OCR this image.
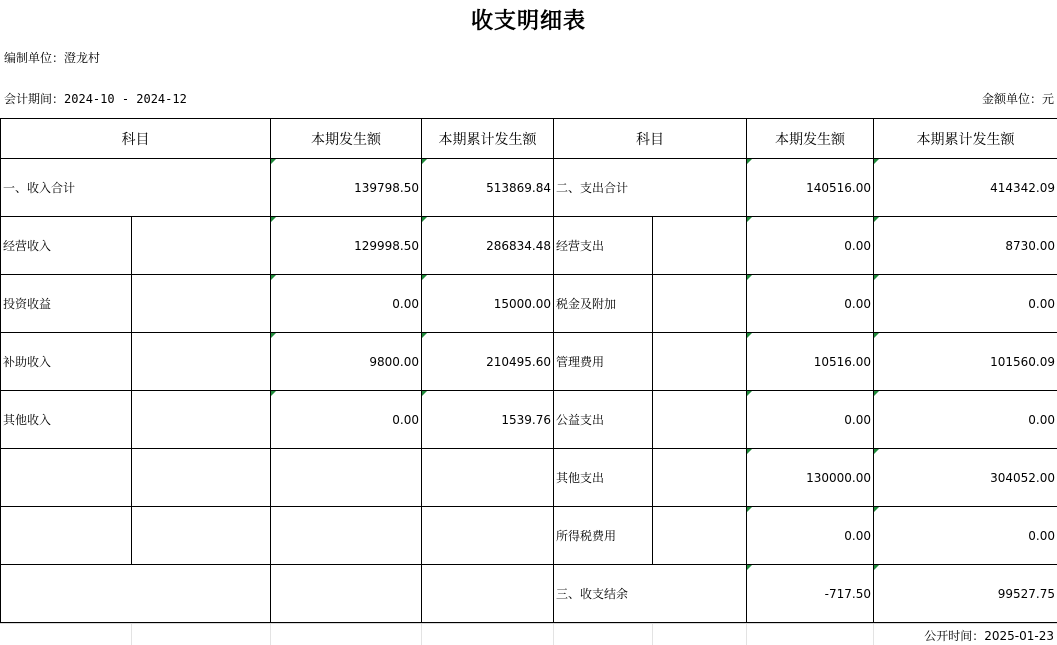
收支明细表
编制单位：澄龙村
会计期间：2024-10 - 2024-12	金额单位：元
科目		本期发生额	本期累计发生额	科目		本期发生额	本期累计发生额
一、收入合计		139798.50	513869.84	二、支出合计		140516.00	414342.09
经营收入		129998.50	286834.48	经营支出		0.00	8730.00
投资收益		0.00	15000.00	税金及附加		0.00	0.00
补助收入		9800.00	210495.60	管理费用		10516.00	101560.09
其他收入		0.00	1539.76	公益支出		0.00	0.00
				其他支出		130000.00	304052.00
				所得税费用		0.00	0.00
				三、收支结余		-717.50	99527.75
公开时间：2025-01-23
